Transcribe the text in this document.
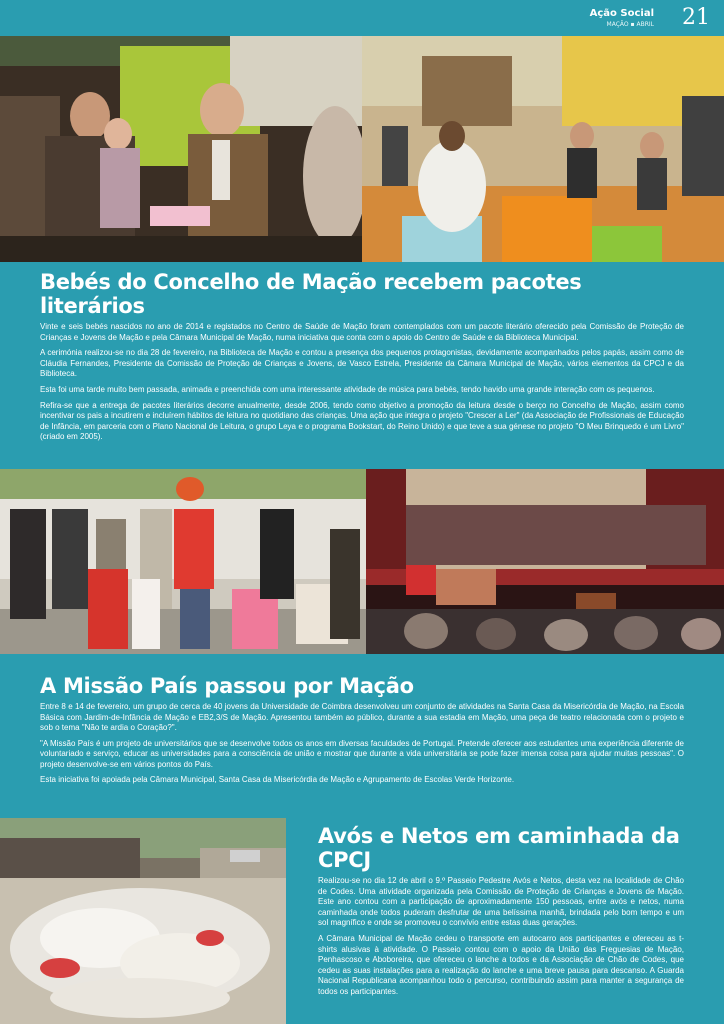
Ação Social
MAÇÃO ▪ ABRIL 21
Bebés do Concelho de Mação recebem pacotes literários

Vinte e seis bebés nascidos no ano de 2014 e registados no Centro de Saúde de Mação foram contemplados com um pacote literário oferecido pela Comissão de Proteção de Crianças e Jovens de Mação e pela Câmara Municipal de Mação, numa iniciativa que conta com o apoio do Centro de Saúde e da Biblioteca Municipal.

A cerimónia realizou-se no dia 28 de fevereiro, na Biblioteca de Mação e contou a presença dos pequenos protagonistas, devidamente acompanhados pelos papás, assim como de Cláudia Fernandes, Presidente da Comissão de Proteção de Crianças e Jovens, de Vasco Estrela, Presidente da Câmara Municipal de Mação, vários elementos da CPCJ e da Biblioteca.

Esta foi uma tarde muito bem passada, animada e preenchida com uma interessante atividade de música para bebés, tendo havido uma grande interação com os pequenos.

Refira-se que a entrega de pacotes literários decorre anualmente, desde 2006, tendo como objetivo a promoção da leitura desde o berço no Concelho de Mação, assim como incentivar os pais a incutirem e incluírem hábitos de leitura no quotidiano das crianças. Uma ação que integra o projeto "Crescer a Ler" (da Associação de Profissionais de Educação de Infância, em parceria com o Plano Nacional de Leitura, o grupo Leya e o programa Bookstart, do Reino Unido) e que teve a sua génese no projeto "O Meu Brinquedo é um Livro" (criado em 2005).

A Missão País passou por Mação

Entre 8 e 14 de fevereiro, um grupo de cerca de 40 jovens da Universidade de Coimbra desenvolveu um conjunto de atividades na Santa Casa da Misericórdia de Mação, na Escola Básica com Jardim-de-Infância de Mação e EB2,3/S de Mação. Apresentou também ao público, durante a sua estadia em Mação, uma peça de teatro relacionada com o projeto e sob o tema "Não te ardia o Coração?".

"A Missão País é um projeto de universitários que se desenvolve todos os anos em diversas faculdades de Portugal. Pretende oferecer aos estudantes uma experiência diferente de voluntariado e serviço, educar as universidades para a consciência de união e mostrar que durante a vida universitária se pode fazer imensa coisa para ajudar muitas pessoas". O projeto desenvolve-se em vários pontos do País.

Esta iniciativa foi apoiada pela Câmara Municipal, Santa Casa da Misericórdia de Mação e Agrupamento de Escolas Verde Horizonte.

Avós e Netos em caminhada da CPCJ

Realizou-se no dia 12 de abril o 9.º Passeio Pedestre Avós e Netos, desta vez na localidade de Chão de Codes. Uma atividade organizada pela Comissão de Proteção de Crianças e Jovens de Mação. Este ano contou com a participação de aproximadamente 150 pessoas, entre avós e netos, numa caminhada onde todos puderam desfrutar de uma belíssima manhã, brindada pelo bom tempo e um sol magnífico e onde se promoveu o convívio entre estas duas gerações.

A Câmara Municipal de Mação cedeu o transporte em autocarro aos participantes e ofereceu as t-shirts alusivas à atividade. O Passeio contou com o apoio da União das Freguesias de Mação, Penhascoso e Aboboreira, que ofereceu o lanche a todos e da Associação de Chão de Codes, que cedeu as suas instalações para a realização do lanche e uma breve pausa para descanso. A Guarda Nacional Republicana acompanhou todo o percurso, contribuindo assim para manter a segurança de todos os participantes.
